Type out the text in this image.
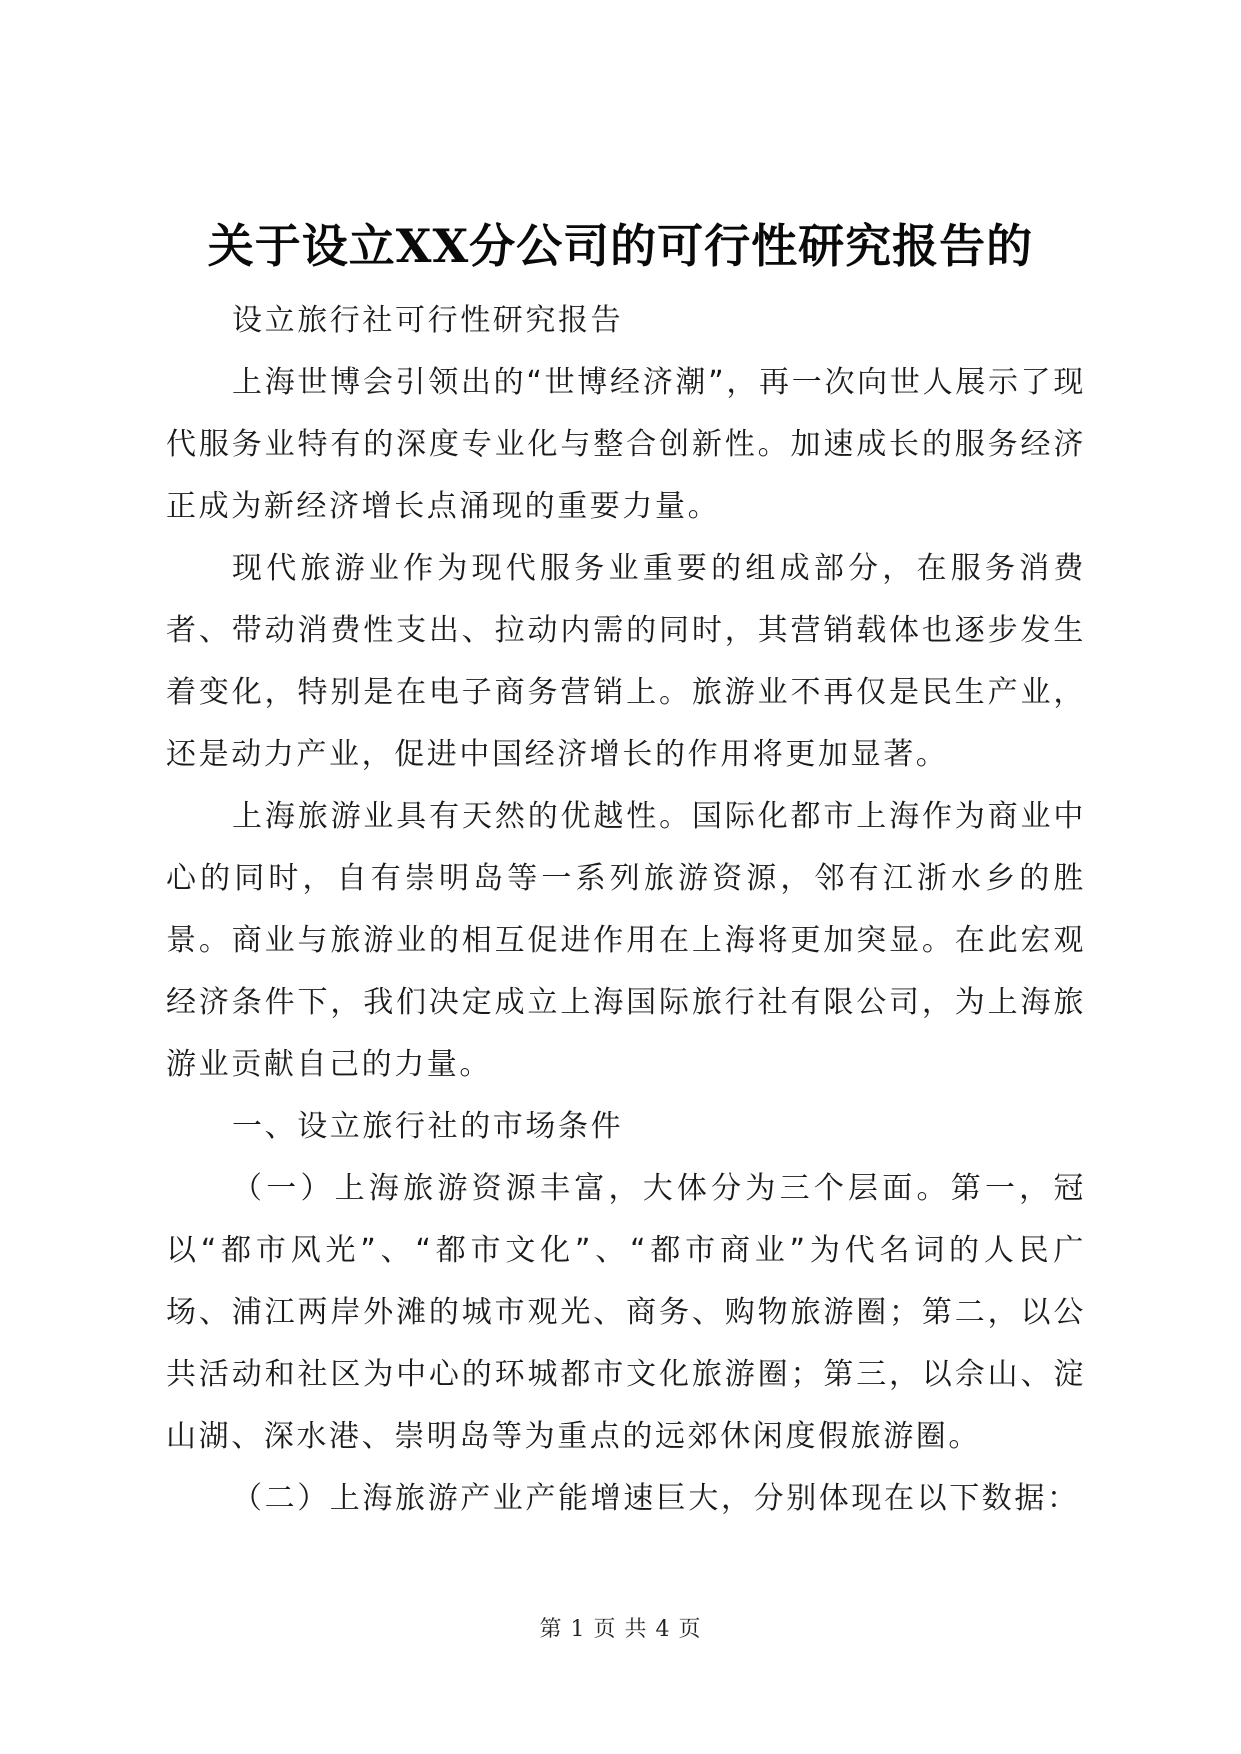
关于设立XX分公司的可行性研究报告的

设立旅行社可行性研究报告

上海世博会引领出的“世博经济潮”，再一次向世人展示了现代服务业特有的深度专业化与整合创新性。加速成长的服务经济正成为新经济增长点涌现的重要力量。

现代旅游业作为现代服务业重要的组成部分，在服务消费者、带动消费性支出、拉动内需的同时，其营销载体也逐步发生着变化，特别是在电子商务营销上。旅游业不再仅是民生产业，还是动力产业，促进中国经济增长的作用将更加显著。

上海旅游业具有天然的优越性。国际化都市上海作为商业中心的同时，自有崇明岛等一系列旅游资源，邻有江浙水乡的胜景。商业与旅游业的相互促进作用在上海将更加突显。在此宏观经济条件下，我们决定成立上海国际旅行社有限公司，为上海旅游业贡献自己的力量。

一、设立旅行社的市场条件

（一）上海旅游资源丰富，大体分为三个层面。第一，冠以“都市风光”、“都市文化”、“都市商业”为代名词的人民广场、浦江两岸外滩的城市观光、商务、购物旅游圈；第二，以公共活动和社区为中心的环城都市文化旅游圈；第三，以佘山、淀山湖、深水港、崇明岛等为重点的远郊休闲度假旅游圈。

（二）上海旅游产业产能增速巨大，分别体现在以下数据：

第 1 页 共 4 页
